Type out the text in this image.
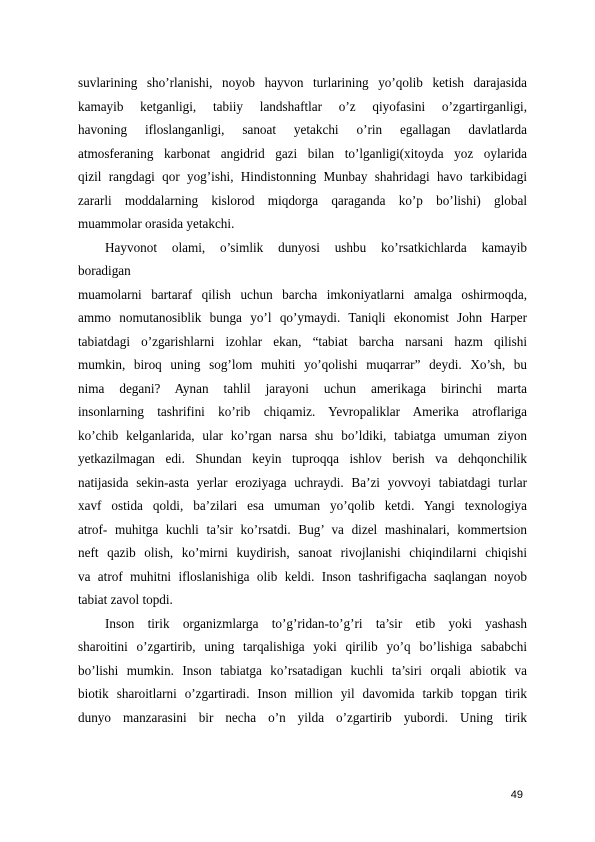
suvlarining sho’rlanishi, noyob hayvon turlarining yo’qolib ketish darajasida
kamayib ketganligi, tabiiy landshaftlar o’z qiyofasini o’zgartirganligi,
havoning ifloslanganligi, sanoat yetakchi o’rin egallagan davlatlarda
atmosferaning karbonat angidrid gazi bilan to’lganligi(xitoyda yoz oylarida
qizil rangdagi qor yog’ishi, Hindistonning Munbay shahridagi havo tarkibidagi
zararli moddalarning kislorod miqdorga qaraganda ko’p bo’lishi) global
muammolar orasida yetakchi.
Hayvonot olami, o’simlik dunyosi ushbu ko’rsatkichlarda kamayib
boradigan
muamolarni bartaraf qilish uchun barcha imkoniyatlarni amalga oshirmoqda,
ammo nomutanosiblik bunga yo’l qo’ymaydi. Taniqli ekonomist John Harper
tabiatdagi o’zgarishlarni izohlar ekan, “tabiat barcha narsani hazm qilishi
mumkin, biroq uning sog’lom muhiti yo’qolishi muqarrar” deydi. Xo’sh, bu
nima degani? Aynan tahlil jarayoni uchun amerikaga birinchi marta
insonlarning tashrifini ko’rib chiqamiz. Yevropaliklar Amerika atroflariga
ko’chib kelganlarida, ular ko’rgan narsa shu bo’ldiki, tabiatga umuman ziyon
yetkazilmagan edi. Shundan keyin tuproqqa ishlov berish va dehqonchilik
natijasida sekin-asta yerlar eroziyaga uchraydi. Ba’zi yovvoyi tabiatdagi turlar
xavf ostida qoldi, ba’zilari esa umuman yo’qolib ketdi. Yangi texnologiya
atrof- muhitga kuchli ta’sir ko’rsatdi. Bug’ va dizel mashinalari, kommertsion
neft qazib olish, ko’mirni kuydirish, sanoat rivojlanishi chiqindilarni chiqishi
va atrof muhitni ifloslanishiga olib keldi. Inson tashrifigacha saqlangan noyob
tabiat zavol topdi.
Inson tirik organizmlarga to’g’ridan-to’g’ri ta’sir etib yoki yashash
sharoitini o’zgartirib, uning tarqalishiga yoki qirilib yo’q bo’lishiga sababchi
bo’lishi mumkin. Inson tabiatga ko’rsatadigan kuchli ta’siri orqali abiotik va
biotik sharoitlarni o’zgartiradi. Inson million yil davomida tarkib topgan tirik
dunyo manzarasini bir necha o’n yilda o’zgartirib yubordi. Uning tirik
49
